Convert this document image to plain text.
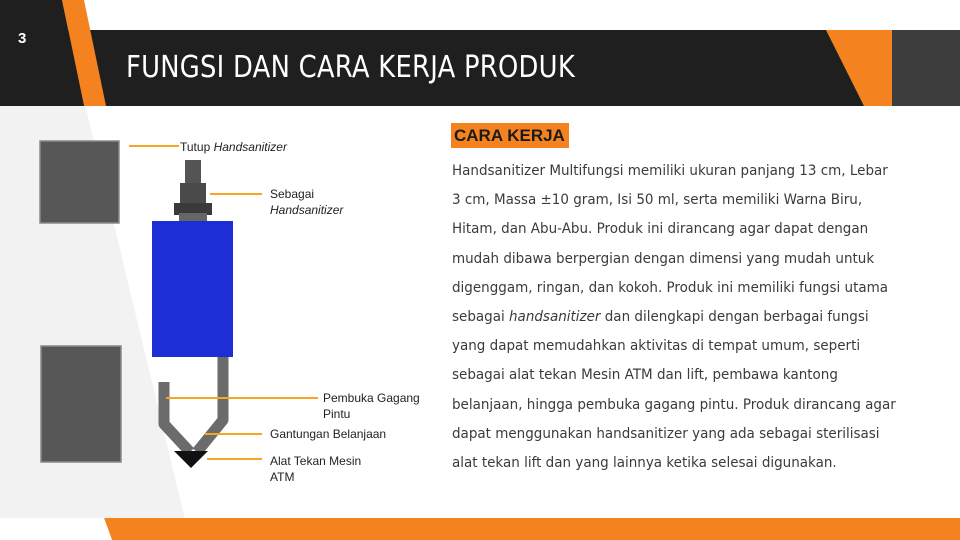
3
FUNGSI DAN CARA KERJA PRODUK
Tutup Handsanitizer
Sebagai
Handsanitizer
Pembuka Gagang
Pintu
Gantungan Belanjaan
Alat Tekan Mesin
ATM
CARA KERJA
Handsanitizer Multifungsi memiliki ukuran panjang 13 cm, Lebar
3 cm, Massa ±10 gram, Isi 50 ml, serta memiliki Warna Biru,
Hitam, dan Abu-Abu. Produk ini dirancang agar dapat dengan
mudah dibawa berpergian dengan dimensi yang mudah untuk
digenggam, ringan, dan kokoh. Produk ini memiliki fungsi utama
sebagai handsanitizer dan dilengkapi dengan berbagai fungsi
yang dapat memudahkan aktivitas di tempat umum, seperti
sebagai alat tekan Mesin ATM dan lift, pembawa kantong
belanjaan, hingga pembuka gagang pintu. Produk dirancang agar
dapat menggunakan handsanitizer yang ada sebagai sterilisasi
alat tekan lift dan yang lainnya ketika selesai digunakan.
